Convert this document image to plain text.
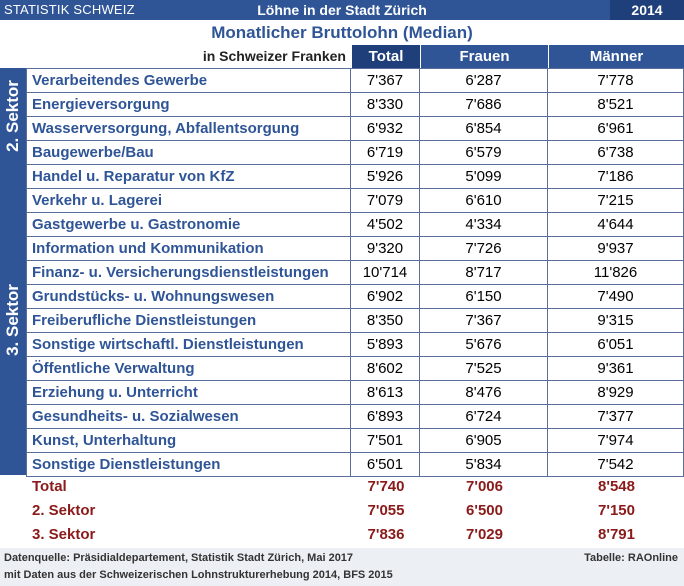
STATISTIK SCHWEIZ	Löhne in der Stadt Zürich	2014
Monatlicher Bruttolohn (Median)
in Schweizer Franken	Total	Frauen	Männer
2. Sektor
3. Sektor
Verarbeitendes Gewerbe	7'367	6'287	7'778
Energieversorgung	8'330	7'686	8'521
Wasserversorgung, Abfallentsorgung	6'932	6'854	6'961
Baugewerbe/Bau	6'719	6'579	6'738
Handel u. Reparatur von KfZ	5'926	5'099	7'186
Verkehr u. Lagerei	7'079	6'610	7'215
Gastgewerbe u. Gastronomie	4'502	4'334	4'644
Information und Kommunikation	9'320	7'726	9'937
Finanz- u. Versicherungsdienstleistungen	10'714	8'717	11'826
Grundstücks- u. Wohnungswesen	6'902	6'150	7'490
Freiberufliche Dienstleistungen	8'350	7'367	9'315
Sonstige wirtschaftl. Dienstleistungen	5'893	5'676	6'051
Öffentliche Verwaltung	8'602	7'525	9'361
Erziehung u. Unterricht	8'613	8'476	8'929
Gesundheits- u. Sozialwesen	6'893	6'724	7'377
Kunst, Unterhaltung	7'501	6'905	7'974
Sonstige Dienstleistungen	6'501	5'834	7'542
Total	7'740	7'006	8'548
2. Sektor	7'055	6'500	7'150
3. Sektor	7'836	7'029	8'791
Datenquelle: Präsidialdepartement, Statistik Stadt Zürich, Mai 2017
mit Daten aus der Schweizerischen Lohnstrukturerhebung 2014, BFS 2015
Tabelle: RAOnline
